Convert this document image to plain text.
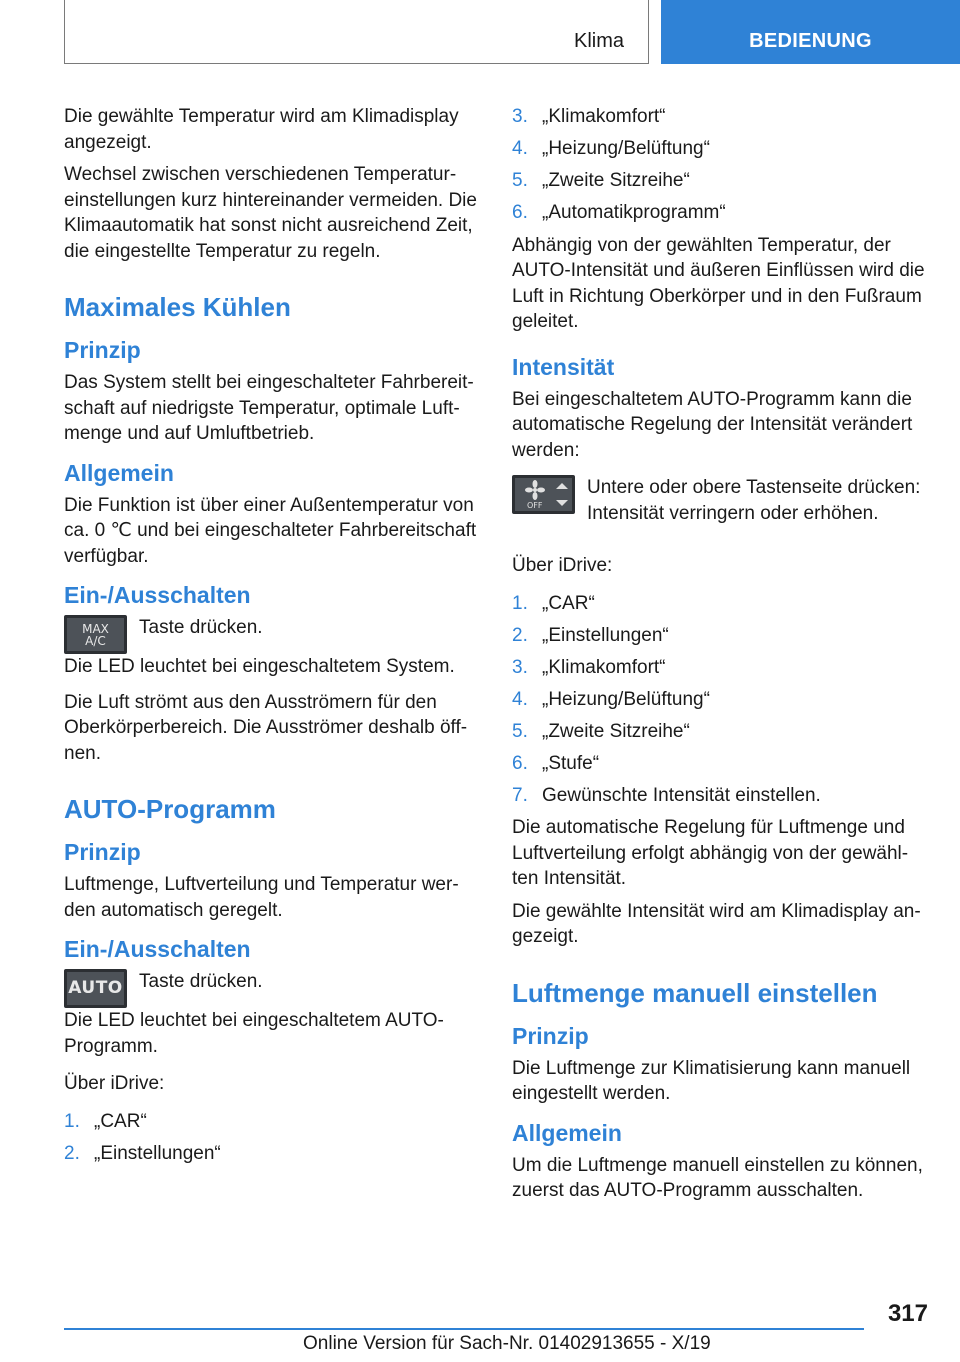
Klima	BEDIENUNG

Die gewählte Temperatur wird am Klimadisplay angezeigt.

Wechsel zwischen verschiedenen Temperatureinstellungen kurz hintereinander vermeiden. Die Klimaautomatik hat sonst nicht ausreichend Zeit, die eingestellte Temperatur zu regeln.

Maximales Kühlen
Prinzip

Das System stellt bei eingeschalteter Fahrbereitschaft auf niedrigste Temperatur, optimale Luftmenge und auf Umluftbetrieb.

Allgemein

Die Funktion ist über einer Außentemperatur von ca. 0 ℃ und bei eingeschalteter Fahrbereitschaft verfügbar.

Ein-/Ausschalten
MAX
A/C

Taste drücken.

Die LED leuchtet bei eingeschaltetem System.

Die Luft strömt aus den Ausströmern für den Oberkörperbereich. Die Ausströmer deshalb öffnen.

AUTO-Programm
Prinzip

Luftmenge, Luftverteilung und Temperatur werden automatisch geregelt.

Ein-/Ausschalten
AUTO Taste drücken.

Die LED leuchtet bei eingeschaltetem AUTO-Programm.

Über iDrive:

1. „CAR“
2. „Einstellungen“
3. „Klimakomfort“
4. „Heizung/Belüftung“
5. „Zweite Sitzreihe“
6. „Automatikprogramm“

Abhängig von der gewählten Temperatur, der AUTO-Intensität und äußeren Einflüssen wird die Luft in Richtung Oberkörper und in den Fußraum geleitet.

Intensität

Bei eingeschaltetem AUTO-Programm kann die automatische Regelung der Intensität verändert werden:

OFF

Untere oder obere Tastenseite drücken: Intensität verringern oder erhöhen.

Über iDrive:

1. „CAR“
2. „Einstellungen“
3. „Klimakomfort“
4. „Heizung/Belüftung“
5. „Zweite Sitzreihe“
6. „Stufe“
7. Gewünschte Intensität einstellen.

Die automatische Regelung für Luftmenge und Luftverteilung erfolgt abhängig von der gewählten Intensität.

Die gewählte Intensität wird am Klimadisplay angezeigt.

Luftmenge manuell einstellen
Prinzip

Die Luftmenge zur Klimatisierung kann manuell eingestellt werden.

Allgemein

Um die Luftmenge manuell einstellen zu können, zuerst das AUTO-Programm ausschalten.

317
Online Version für Sach-Nr. 01402913655 - X/19
